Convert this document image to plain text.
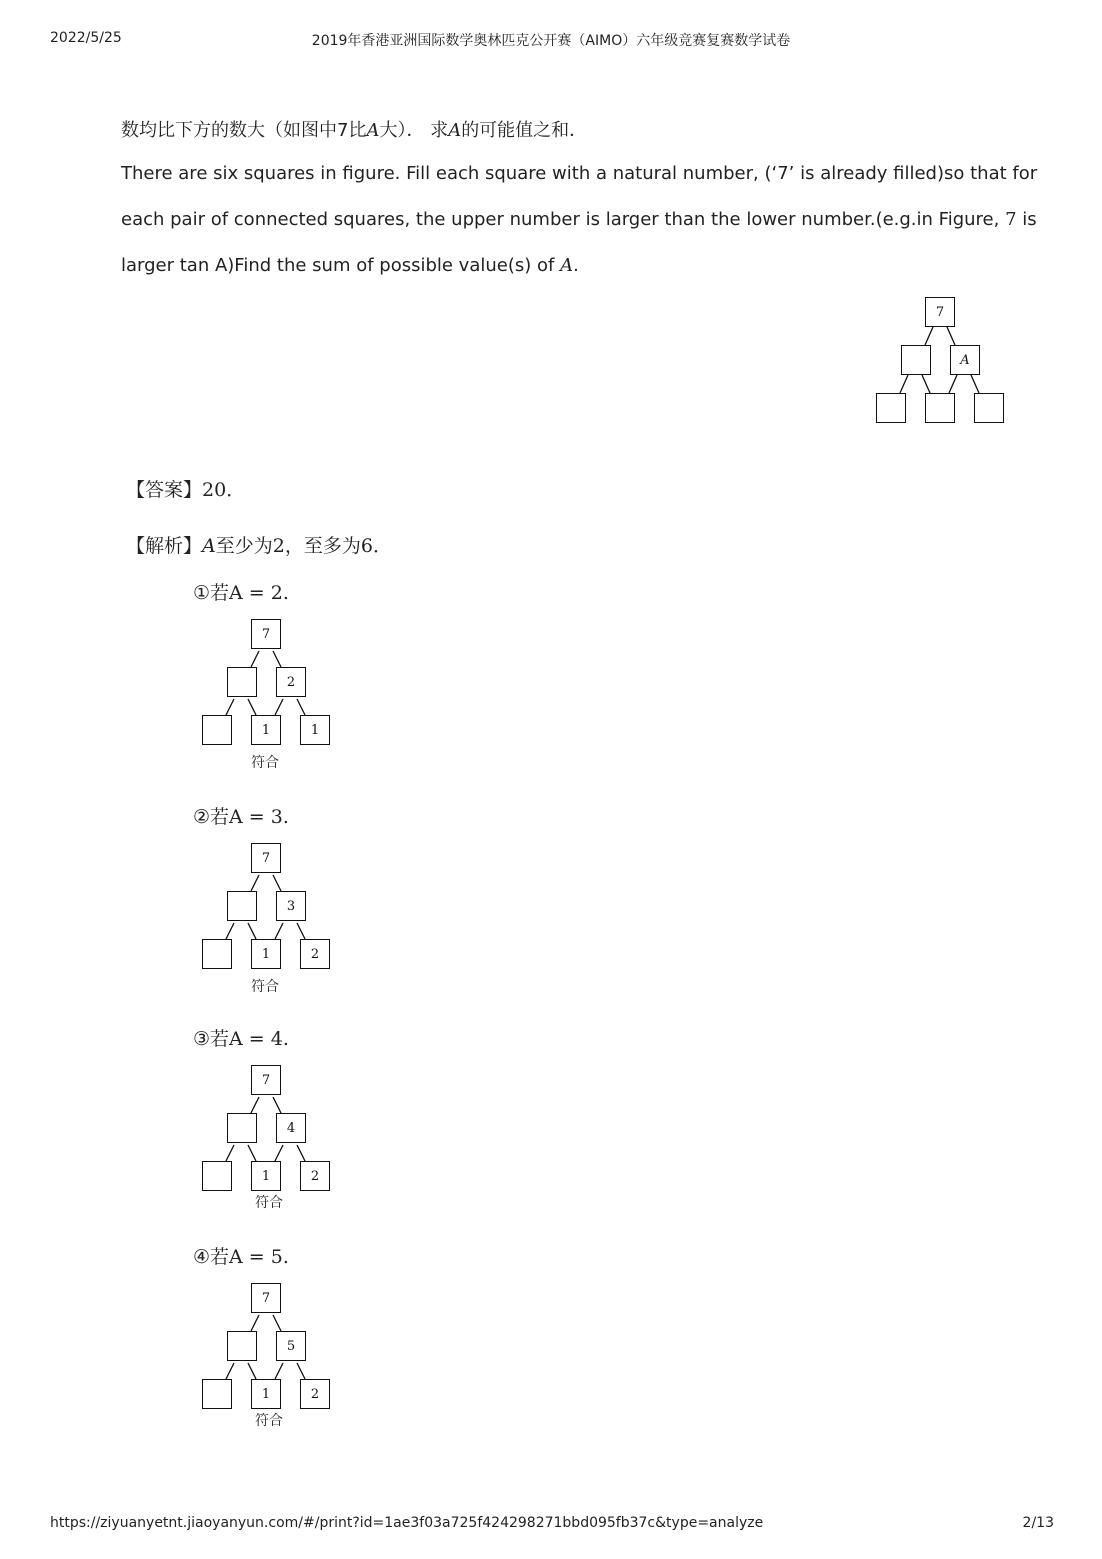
2022/5/25	2019年香港亚洲国际数学奥林匹克公开赛（AIMO）六年级竞赛复赛数学试卷
数均比下方的数大（如图中7比A大）． 求A的可能值之和．
There are six squares in figure. Fill each square with a natural number, (‘7’ is already filled)so that for
each pair of connected squares, the upper number is larger than the lower number.(e.g.in Figure, 7 is
larger tan A)Find the sum of possible value(s) of A.
7
A
【答案】20．
【解析】A至少为2，至多为6．
①若A = 2.
7
2
1	1
符合
②若A = 3.
7
3
1	2
符合
③若A = 4.
7
4
1	2
符合
④若A = 5.
7
5
1	2
符合
https://ziyuanyetnt.jiaoyanyun.com/#/print?id=1ae3f03a725f424298271bbd095fb37c&type=analyze	2/13
